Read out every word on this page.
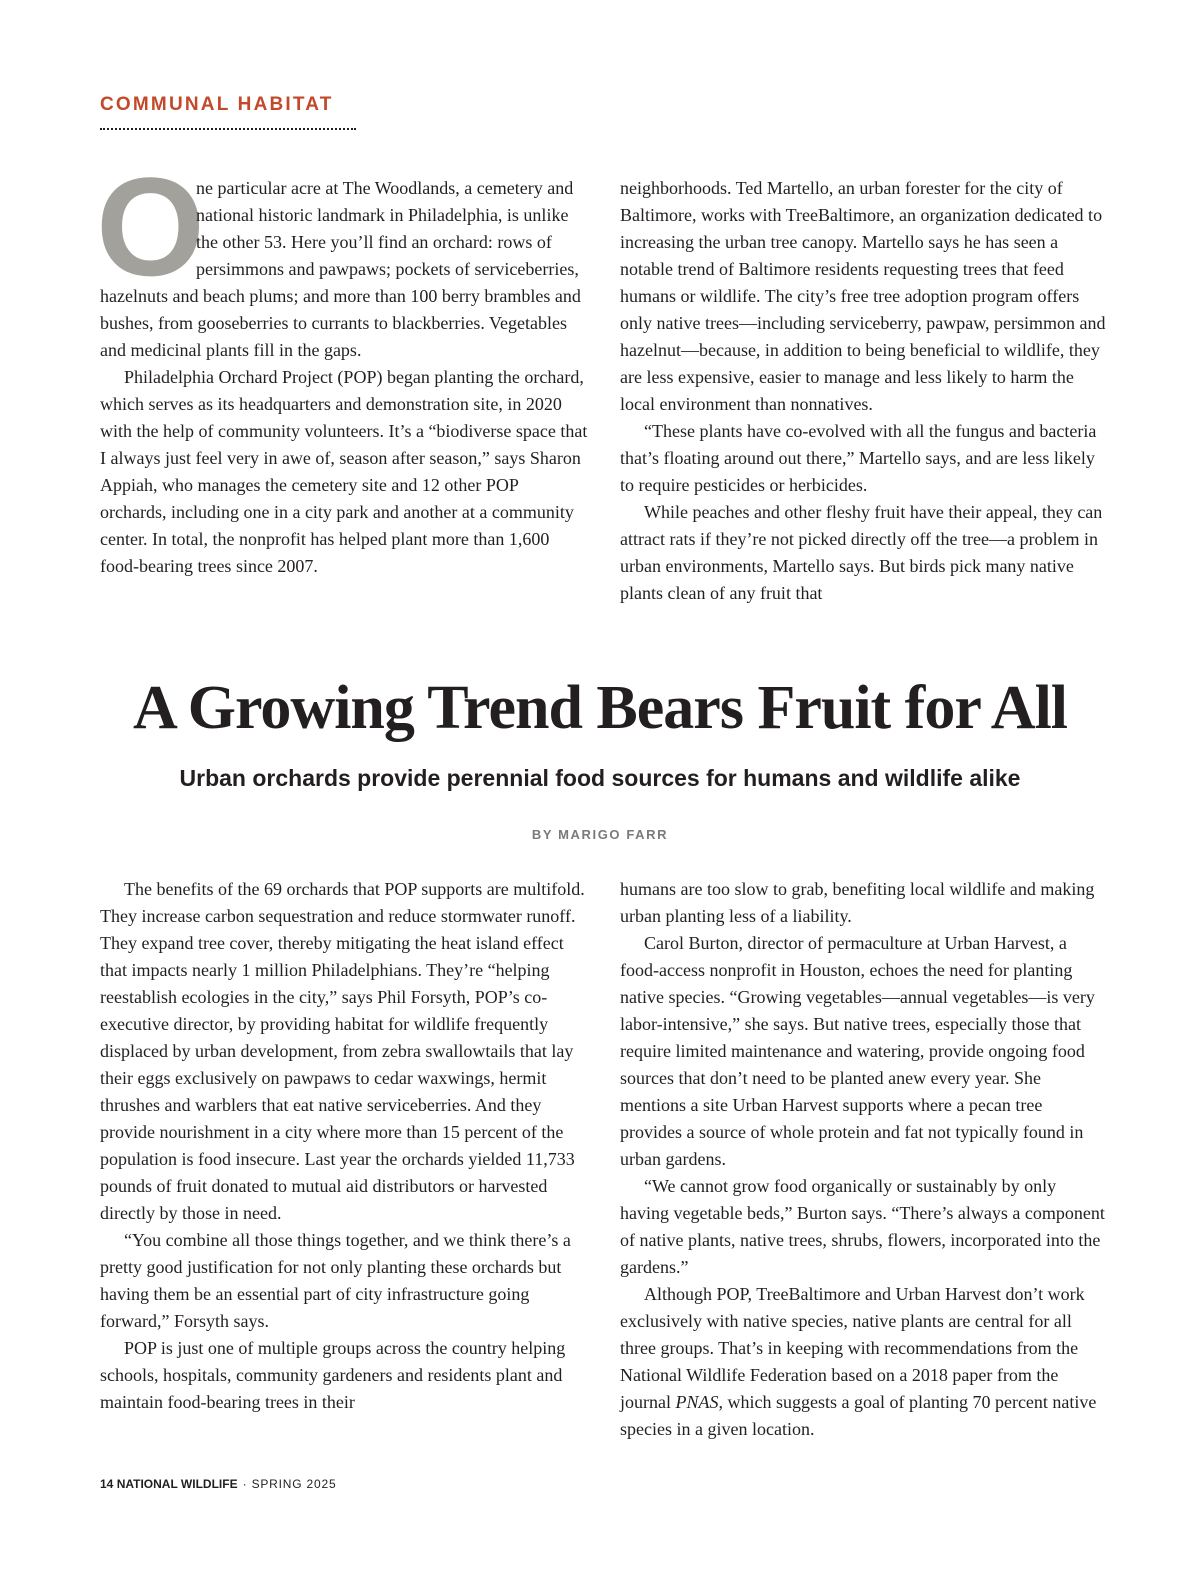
COMMUNAL HABITAT

O
ne particular acre at The Woodlands, a cemetery and national historic landmark in Philadelphia, is unlike the other 53. Here you’ll find an orchard: rows of persimmons and pawpaws; pockets of serviceberries, hazelnuts and beach plums; and more than 100 berry brambles and bushes, from gooseberries to currants to blackberries. Vegetables and medicinal plants fill in the gaps.

Philadelphia Orchard Project (POP) began planting the orchard, which serves as its headquarters and demonstration site, in 2020 with the help of community volunteers. It’s a “biodiverse space that I always just feel very in awe of, season after season,” says Sharon Appiah, who manages the cemetery site and 12 other POP orchards, including one in a city park and another at a community center. In total, the nonprofit has helped plant more than 1,600 food-bearing trees since 2007.

neighborhoods. Ted Martello, an urban forester for the city of Baltimore, works with TreeBaltimore, an organization dedicated to increasing the urban tree canopy. Martello says he has seen a notable trend of Baltimore residents requesting trees that feed humans or wildlife. The city’s free tree adoption program offers only native trees—including serviceberry, pawpaw, persimmon and hazelnut—because, in addition to being beneficial to wildlife, they are less expensive, easier to manage and less likely to harm the local environment than nonnatives.

“These plants have co-evolved with all the fungus and bacteria that’s floating around out there,” Martello says, and are less likely to require pesticides or herbicides.

While peaches and other fleshy fruit have their appeal, they can attract rats if they’re not picked directly off the tree—a problem in urban environments, Martello says. But birds pick many native plants clean of any fruit that

A Growing Trend Bears Fruit for All
Urban orchards provide perennial food sources for humans and wildlife alike
BY MARIGO FARR

The benefits of the 69 orchards that POP supports are multifold. They increase carbon sequestration and reduce stormwater runoff. They expand tree cover, thereby mitigating the heat island effect that impacts nearly 1 million Philadelphians. They’re “helping reestablish ecologies in the city,” says Phil Forsyth, POP’s co-executive director, by providing habitat for wildlife frequently displaced by urban development, from zebra swallowtails that lay their eggs exclusively on pawpaws to cedar waxwings, hermit thrushes and warblers that eat native serviceberries. And they provide nourishment in a city where more than 15 percent of the population is food insecure. Last year the orchards yielded 11,733 pounds of fruit donated to mutual aid distributors or harvested directly by those in need.

“You combine all those things together, and we think there’s a pretty good justification for not only planting these orchards but having them be an essential part of city infrastructure going forward,” Forsyth says.

POP is just one of multiple groups across the country helping schools, hospitals, community gardeners and residents plant and maintain food-bearing trees in their

humans are too slow to grab, benefiting local wildlife and making urban planting less of a liability.

Carol Burton, director of permaculture at Urban Harvest, a food-access nonprofit in Houston, echoes the need for planting native species. “Growing vegetables—annual vegetables—is very labor-intensive,” she says. But native trees, especially those that require limited maintenance and watering, provide ongoing food sources that don’t need to be planted anew every year. She mentions a site Urban Harvest supports where a pecan tree provides a source of whole protein and fat not typically found in urban gardens.

“We cannot grow food organically or sustainably by only having vegetable beds,” Burton says. “There’s always a component of native plants, native trees, shrubs, flowers, incorporated into the gardens.”

Although POP, TreeBaltimore and Urban Harvest don’t work exclusively with native species, native plants are central for all three groups. That’s in keeping with recommendations from the National Wildlife Federation based on a 2018 paper from the journal PNAS, which suggests a goal of planting 70 percent native species in a given location.

14 NATIONAL WILDLIFE · SPRING 2025
